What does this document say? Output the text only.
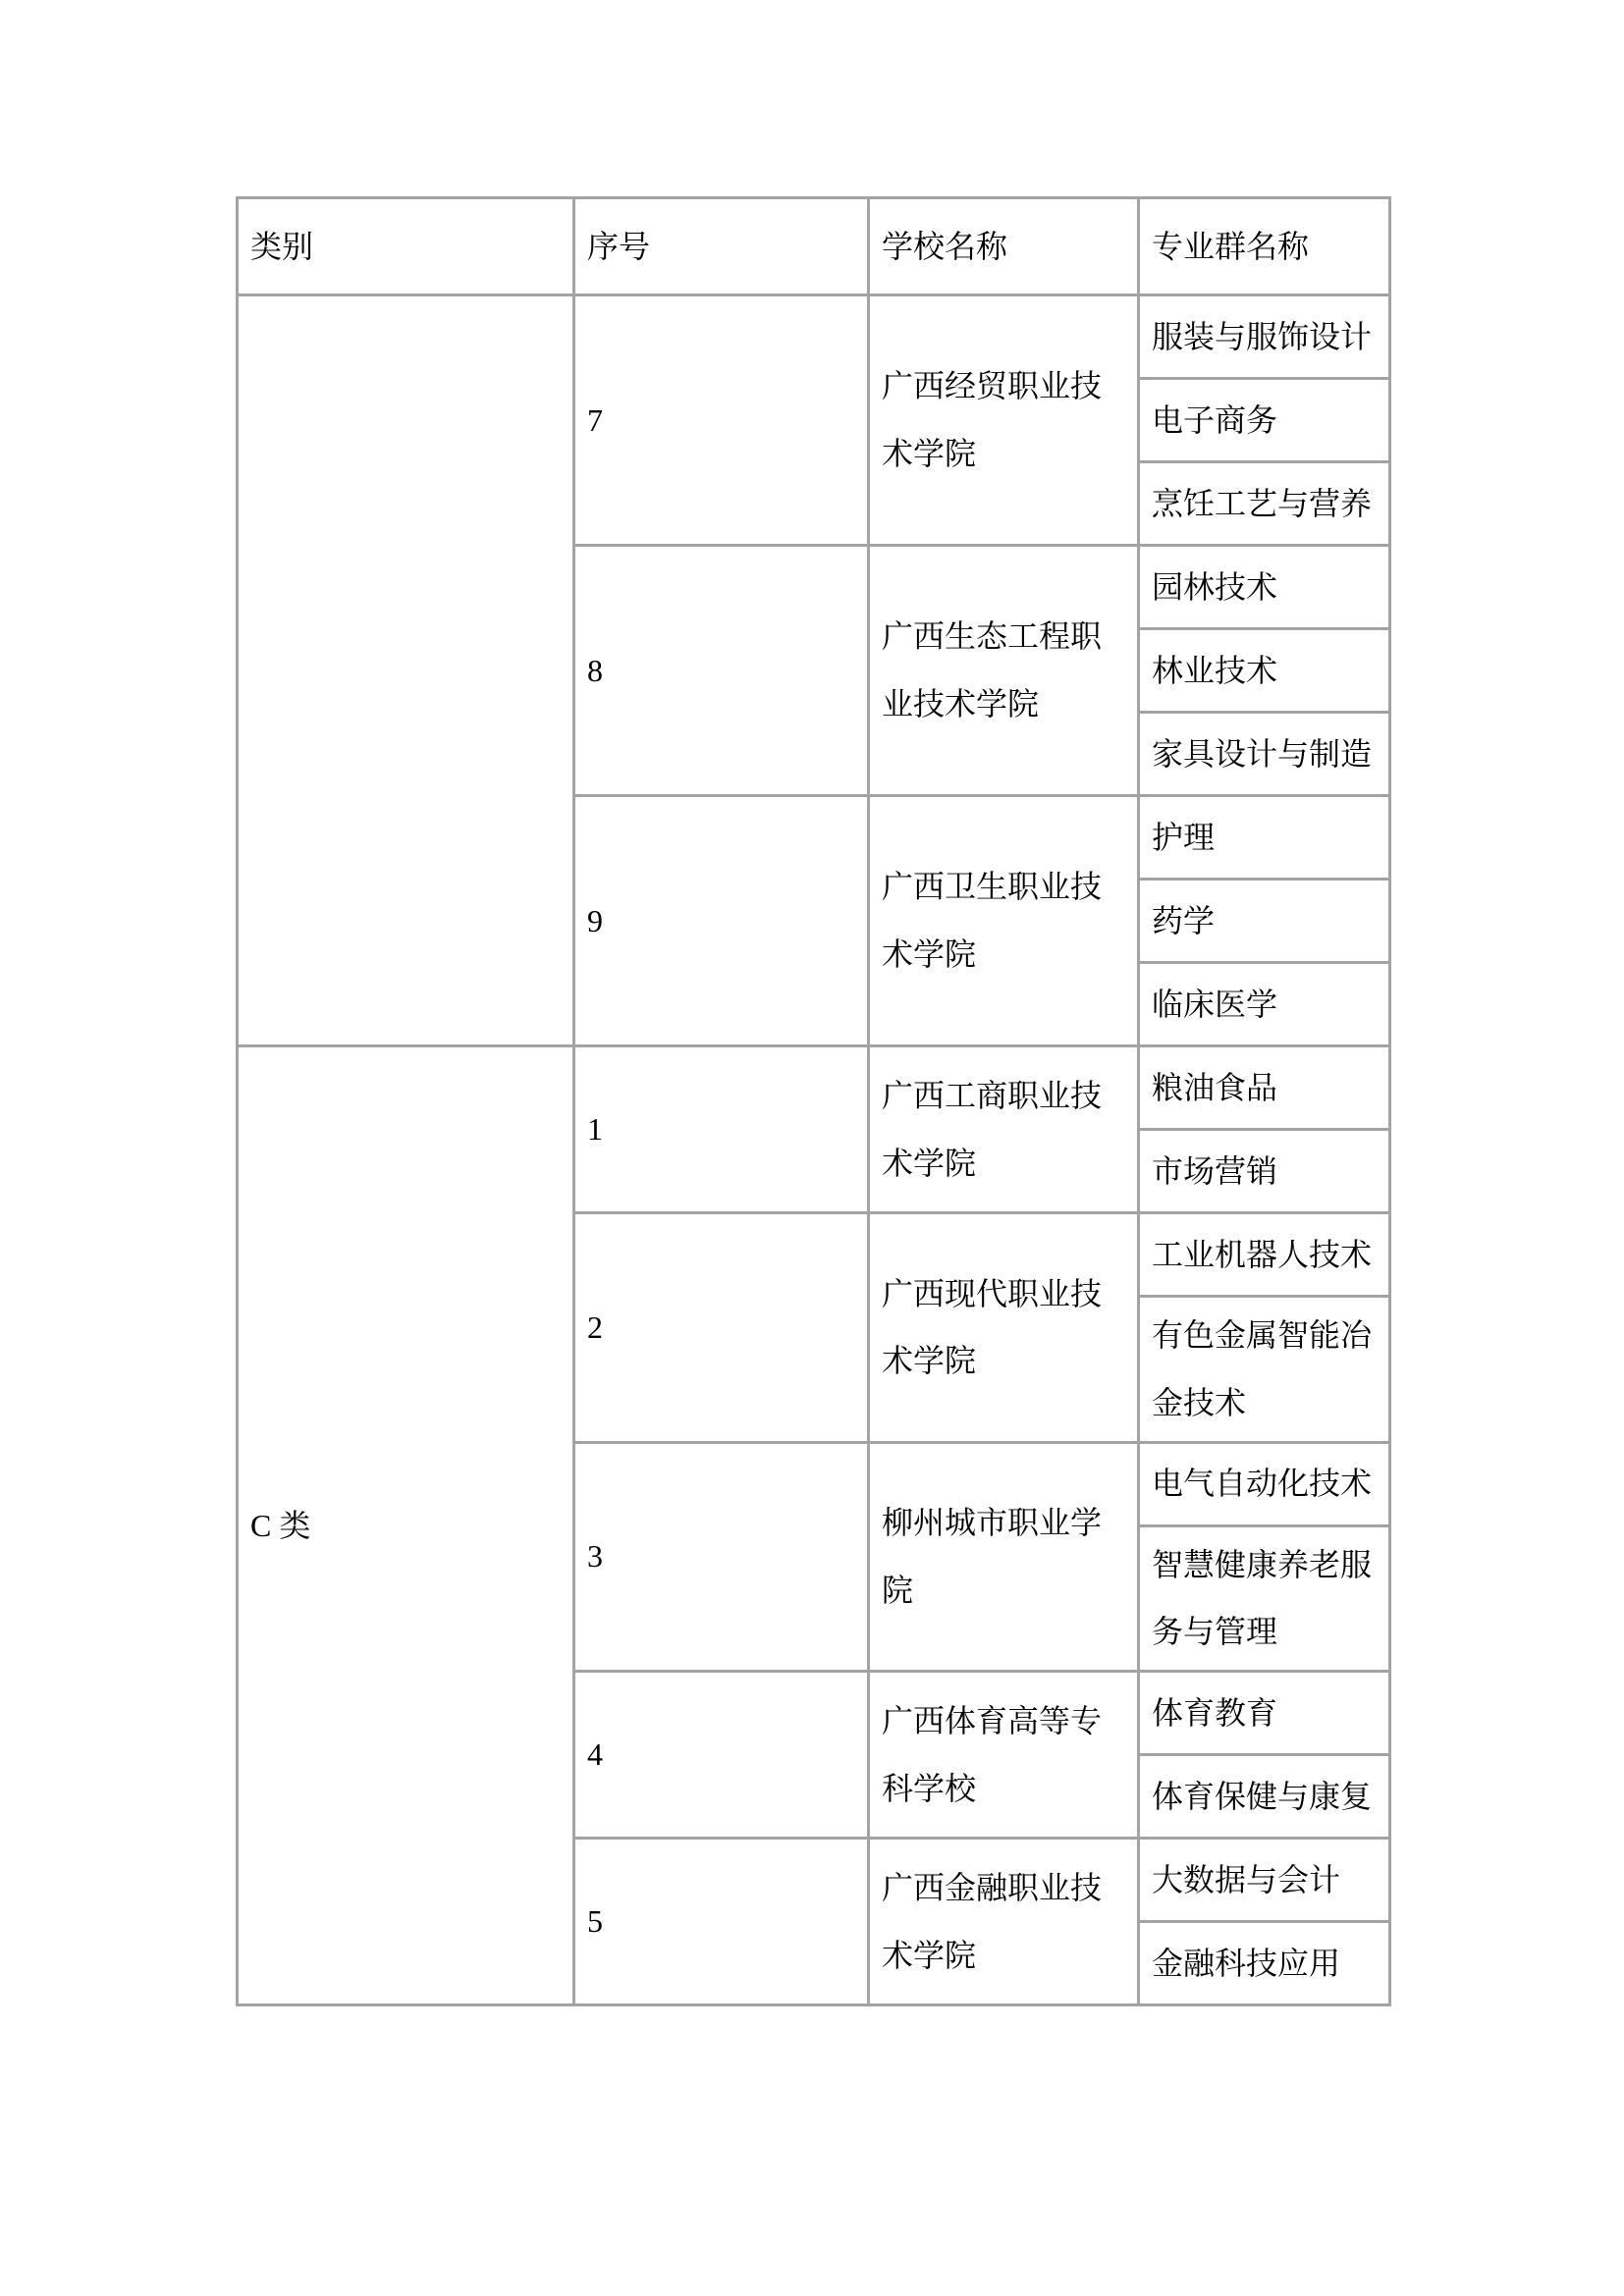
类别	序号	学校名称	专业群名称
	7	广西经贸职业技术学院	服装与服饰设计
			电子商务
			烹饪工艺与营养
	8	广西生态工程职业技术学院	园林技术
			林业技术
			家具设计与制造
	9	广西卫生职业技术学院	护理
			药学
			临床医学
C 类	1	广西工商职业技术学院	粮油食品
			市场营销
	2	广西现代职业技术学院	工业机器人技术
			有色金属智能冶金技术
	3	柳州城市职业学院	电气自动化技术
			智慧健康养老服务与管理
	4	广西体育高等专科学校	体育教育
			体育保健与康复
	5	广西金融职业技术学院	大数据与会计
			金融科技应用
